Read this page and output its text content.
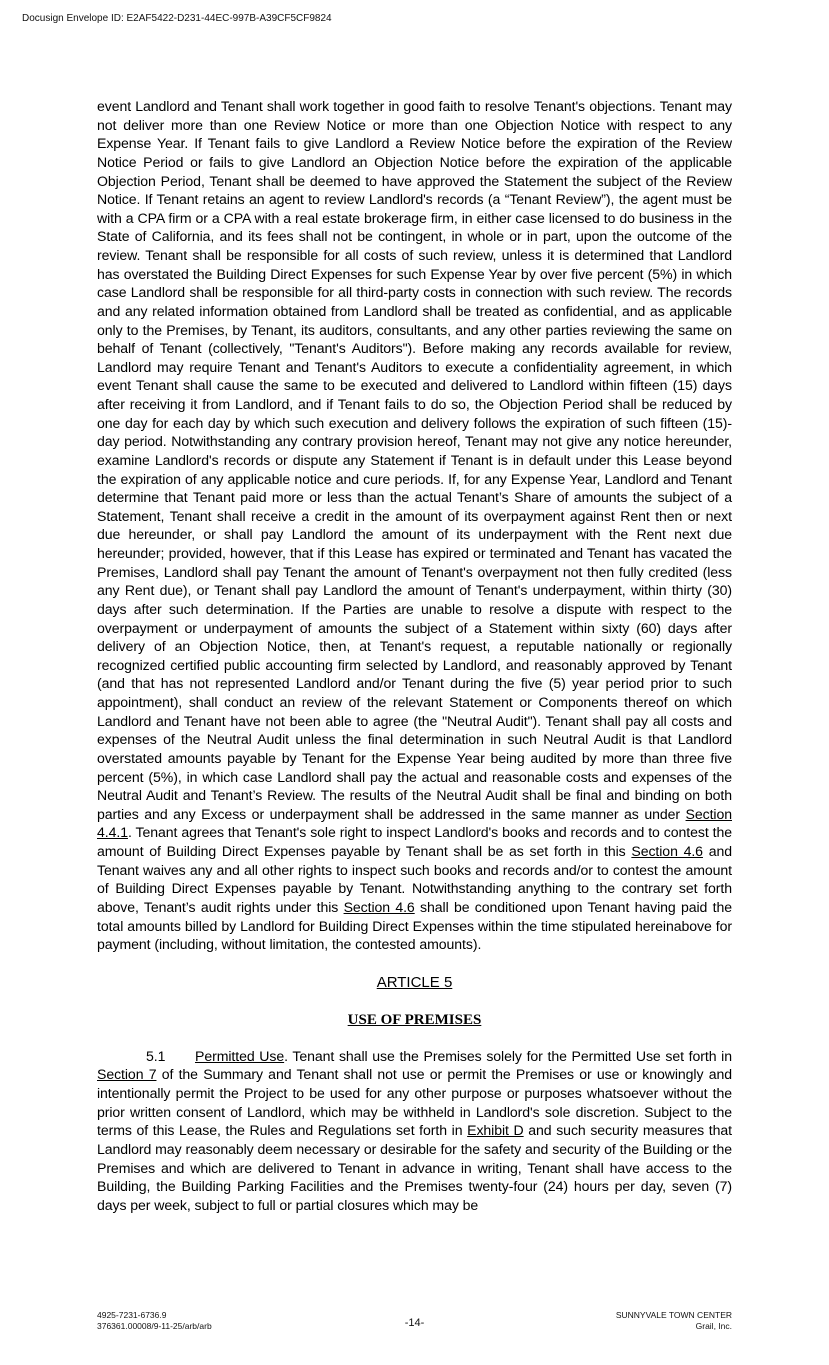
Docusign Envelope ID: E2AF5422-D231-44EC-997B-A39CF5CF9824

event Landlord and Tenant shall work together in good faith to resolve Tenant's objections. Tenant may not deliver more than one Review Notice or more than one Objection Notice with respect to any Expense Year. If Tenant fails to give Landlord a Review Notice before the expiration of the Review Notice Period or fails to give Landlord an Objection Notice before the expiration of the applicable Objection Period, Tenant shall be deemed to have approved the Statement the subject of the Review Notice. If Tenant retains an agent to review Landlord's records (a “Tenant Review”), the agent must be with a CPA firm or a CPA with a real estate brokerage firm, in either case licensed to do business in the State of California, and its fees shall not be contingent, in whole or in part, upon the outcome of the review. Tenant shall be responsible for all costs of such review, unless it is determined that Landlord has overstated the Building Direct Expenses for such Expense Year by over five percent (5%) in which case Landlord shall be responsible for all third-party costs in connection with such review. The records and any related information obtained from Landlord shall be treated as confidential, and as applicable only to the Premises, by Tenant, its auditors, consultants, and any other parties reviewing the same on behalf of Tenant (collectively, "Tenant's Auditors"). Before making any records available for review, Landlord may require Tenant and Tenant's Auditors to execute a confidentiality agreement, in which event Tenant shall cause the same to be executed and delivered to Landlord within fifteen (15) days after receiving it from Landlord, and if Tenant fails to do so, the Objection Period shall be reduced by one day for each day by which such execution and delivery follows the expiration of such fifteen (15)-day period. Notwithstanding any contrary provision hereof, Tenant may not give any notice hereunder, examine Landlord's records or dispute any Statement if Tenant is in default under this Lease beyond the expiration of any applicable notice and cure periods. If, for any Expense Year, Landlord and Tenant determine that Tenant paid more or less than the actual Tenant’s Share of amounts the subject of a Statement, Tenant shall receive a credit in the amount of its overpayment against Rent then or next due hereunder, or shall pay Landlord the amount of its underpayment with the Rent next due hereunder; provided, however, that if this Lease has expired or terminated and Tenant has vacated the Premises, Landlord shall pay Tenant the amount of Tenant's overpayment not then fully credited (less any Rent due), or Tenant shall pay Landlord the amount of Tenant's underpayment, within thirty (30) days after such determination. If the Parties are unable to resolve a dispute with respect to the overpayment or underpayment of amounts the subject of a Statement within sixty (60) days after delivery of an Objection Notice, then, at Tenant's request, a reputable nationally or regionally recognized certified public accounting firm selected by Landlord, and reasonably approved by Tenant (and that has not represented Landlord and/or Tenant during the five (5) year period prior to such appointment), shall conduct an review of the relevant Statement or Components thereof on which Landlord and Tenant have not been able to agree (the "Neutral Audit"). Tenant shall pay all costs and expenses of the Neutral Audit unless the final determination in such Neutral Audit is that Landlord overstated amounts payable by Tenant for the Expense Year being audited by more than three five percent (5%), in which case Landlord shall pay the actual and reasonable costs and expenses of the Neutral Audit and Tenant’s Review. The results of the Neutral Audit shall be final and binding on both parties and any Excess or underpayment shall be addressed in the same manner as under Section 4.4.1. Tenant agrees that Tenant's sole right to inspect Landlord's books and records and to contest the amount of Building Direct Expenses payable by Tenant shall be as set forth in this Section 4.6 and Tenant waives any and all other rights to inspect such books and records and/or to contest the amount of Building Direct Expenses payable by Tenant. Notwithstanding anything to the contrary set forth above, Tenant’s audit rights under this Section 4.6 shall be conditioned upon Tenant having paid the total amounts billed by Landlord for Building Direct Expenses within the time stipulated hereinabove for payment (including, without limitation, the contested amounts).

ARTICLE 5
USE OF PREMISES

5.1 Permitted Use. Tenant shall use the Premises solely for the Permitted Use set forth in Section 7 of the Summary and Tenant shall not use or permit the Premises or use or knowingly and intentionally permit the Project to be used for any other purpose or purposes whatsoever without the prior written consent of Landlord, which may be withheld in Landlord's sole discretion. Subject to the terms of this Lease, the Rules and Regulations set forth in Exhibit D and such security measures that Landlord may reasonably deem necessary or desirable for the safety and security of the Building or the Premises and which are delivered to Tenant in advance in writing, Tenant shall have access to the Building, the Building Parking Facilities and the Premises twenty-four (24) hours per day, seven (7) days per week, subject to full or partial closures which may be

4925-7231-6736.9
376361.00008/9-11-25/arb/arb	-14-
SUNNYVALE TOWN CENTER
Grail, Inc.
